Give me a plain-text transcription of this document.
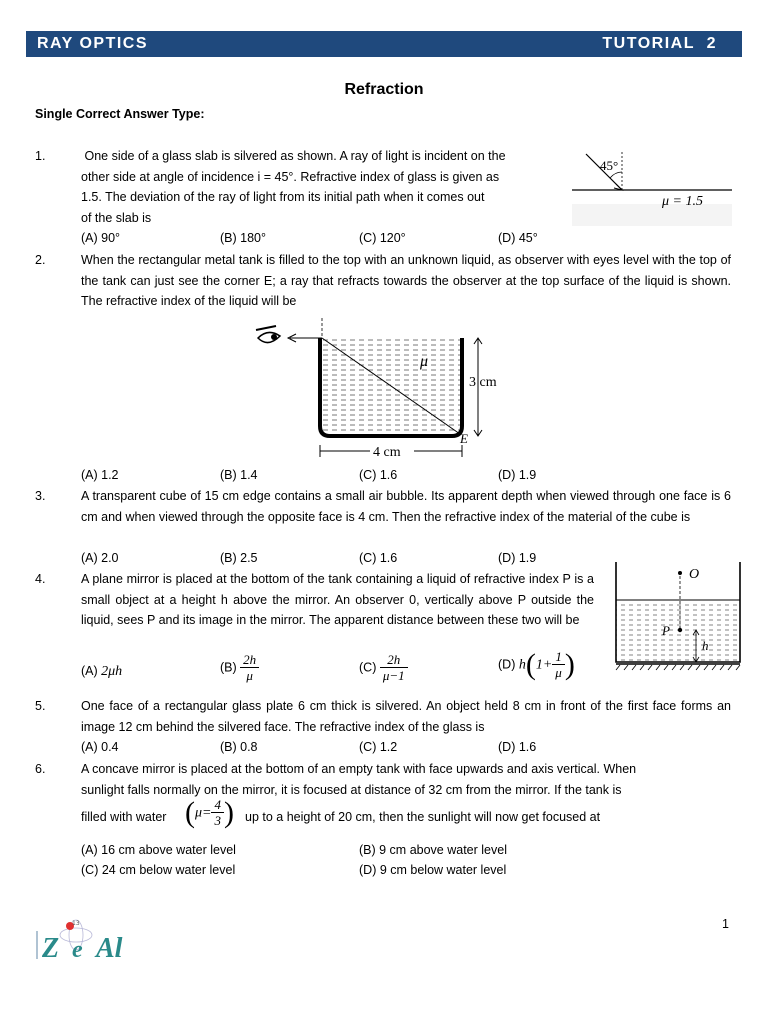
RAY OPTICS	TUTORIAL  2
Refraction
Single Correct Answer Type:
1.	One side of a glass slab is silvered as shown. A ray of light is incident on the
other side at angle of incidence i = 45°. Refractive index of glass is given as
1.5. The deviation of the ray of light from its initial path when it comes out
of the slab is
(A) 90°	(B) 180°	(C) 120°	(D) 45°
45°
μ = 1.5
2.	When the rectangular metal tank is filled to the top with an unknown liquid, as observer with eyes level with the top of the tank can just see the corner E; a ray that refracts towards the observer at the top surface of the liquid is shown. The refractive index of the liquid will be
μ
3 cm
E
4 cm
(A) 1.2	(B) 1.4	(C) 1.6	(D) 1.9
3.	A transparent cube of 15 cm edge contains a small air bubble. Its apparent depth when viewed through one face is 6 cm and when viewed through the opposite face is 4 cm. Then the refractive index of the material of the cube is
(A) 2.0	(B) 2.5	(C) 1.6	(D) 1.9
4.	A plane mirror is placed at the bottom of the tank containing a liquid of refractive index P is a small object at a height h above the mirror. An observer 0, vertically above P outside the liquid, sees P and its image in the mirror. The apparent distance between these two will be
(A) 2μh	$(B) \frac{2h}{\mu}$	$(C) \frac{2h}{\mu-1}$	(D) $h(1+ \frac{1}{\mu}$ )
O
P
h
5.	One face of a rectangular glass plate 6 cm thick is silvered. An object held 8 cm in front of the first face forms an image 12 cm behind the silvered face. The refractive index of the glass is
(A) 0.4	(B) 0.8	(C) 1.2	(D) 1.6
6.	A concave mirror is placed at the bottom of an empty tank with face upwards and axis vertical. When
sunlight falls normally on the mirror, it is focused at distance of 32 cm from the mirror. If the tank is
filled with water ($\mu= \frac{4}{3}$ ) up to a height of 20 cm, then the sunlight will now get focused at
(A) 16 cm above water level	(B) 9 cm above water level
(C) 24 cm below water level	(D) 9 cm below water level
1
13
Z e Al
